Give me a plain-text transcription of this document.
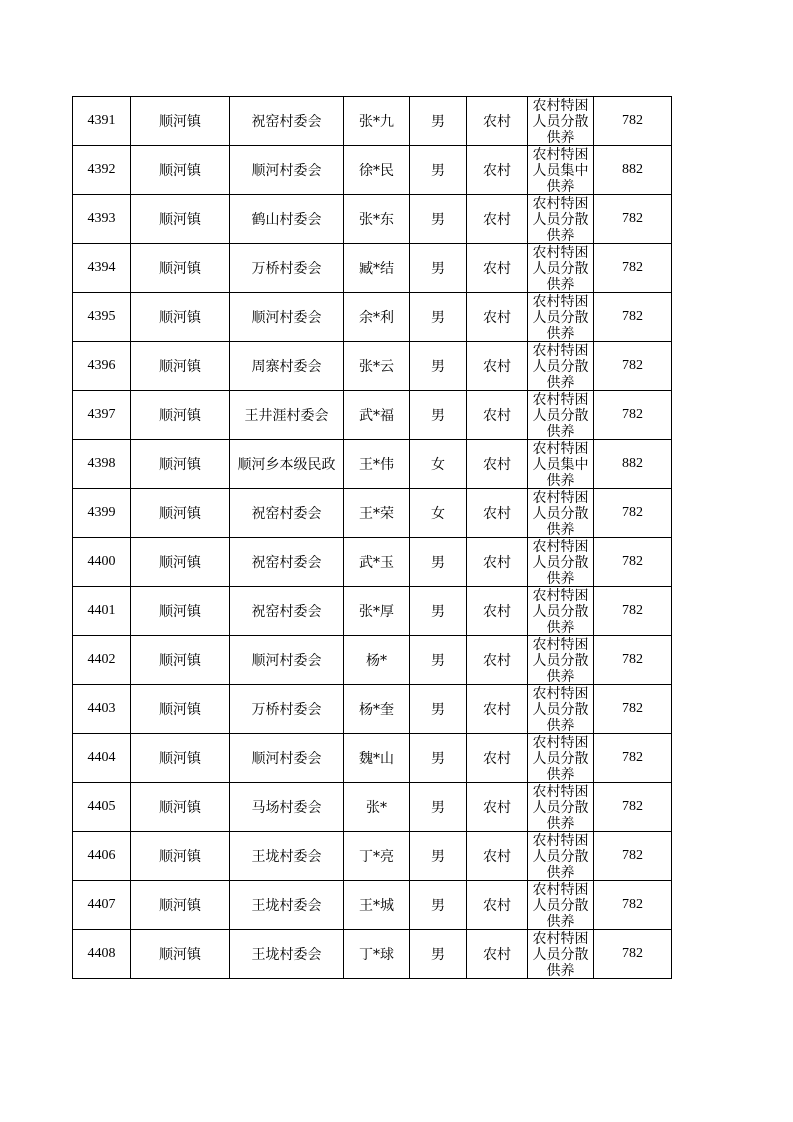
4391	顺河镇	祝窑村委会	张*九	男	农村	农村特困人员分散供养	782
4392	顺河镇	顺河村委会	徐*民	男	农村	农村特困人员集中供养	882
4393	顺河镇	鹤山村委会	张*东	男	农村	农村特困人员分散供养	782
4394	顺河镇	万桥村委会	臧*结	男	农村	农村特困人员分散供养	782
4395	顺河镇	顺河村委会	余*利	男	农村	农村特困人员分散供养	782
4396	顺河镇	周寨村委会	张*云	男	农村	农村特困人员分散供养	782
4397	顺河镇	王井涯村委会	武*福	男	农村	农村特困人员分散供养	782
4398	顺河镇	顺河乡本级民政	王*伟	女	农村	农村特困人员集中供养	882
4399	顺河镇	祝窑村委会	王*荣	女	农村	农村特困人员分散供养	782
4400	顺河镇	祝窑村委会	武*玉	男	农村	农村特困人员分散供养	782
4401	顺河镇	祝窑村委会	张*厚	男	农村	农村特困人员分散供养	782
4402	顺河镇	顺河村委会	杨*	男	农村	农村特困人员分散供养	782
4403	顺河镇	万桥村委会	杨*奎	男	农村	农村特困人员分散供养	782
4404	顺河镇	顺河村委会	魏*山	男	农村	农村特困人员分散供养	782
4405	顺河镇	马场村委会	张*	男	农村	农村特困人员分散供养	782
4406	顺河镇	王垅村委会	丁*亮	男	农村	农村特困人员分散供养	782
4407	顺河镇	王垅村委会	王*城	男	农村	农村特困人员分散供养	782
4408	顺河镇	王垅村委会	丁*球	男	农村	农村特困人员分散供养	782
